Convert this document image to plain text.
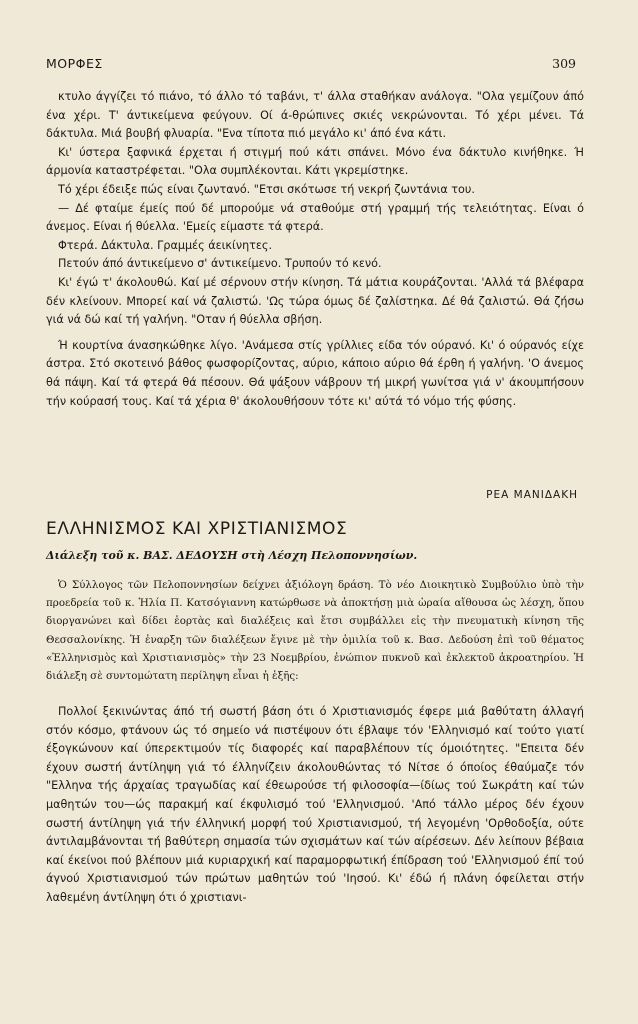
ΜΟΡΦΕΣ	309

κτυλο άγγίζει τό πιάνο, τό άλλο τό ταβάνι, τ' άλλα σταθήκαν ανάλογα. "Ολα γεμίζουν άπό ένα χέρι. Τ' άντικείμενα φεύγουν. Οί ά-θρώπινες σκιές νεκρώνονται. Τό χέρι μένει. Τά δάκτυλα. Μιά βουβή φλυαρία. "Ενα τίποτα πιό μεγάλο κι' άπό ένα κάτι.

Κι' ύστερα ξαφνικά έρχεται ή στιγμή πού κάτι σπάνει. Μόνο ένα δάκτυλο κινήθηκε. Ή άρμονία καταστρέφεται. "Ολα συμπλέκονται. Κάτι γκρεμίστηκε.

Τό χέρι έδειξε πώς είναι ζωντανό. "Ετσι σκότωσε τή νεκρή ζωντάνια του.

— Δέ φταίμε έμείς πού δέ μπορούμε νά σταθούμε στή γραμμή τής τελειότητας. Είναι ό άνεμος. Είναι ή θύελλα. 'Εμείς είμαστε τά φτερά.

Φτερά. Δάκτυλα. Γραμμές άεικίνητες.

Πετούν άπό άντικείμενο σ' άντικείμενο. Τρυπούν τό κενό.

Κι' έγώ τ' άκολουθώ. Καί μέ σέρνουν στήν κίνηση. Τά μάτια κουράζονται. 'Αλλά τά βλέφαρα δέν κλείνουν. Μπορεί καί νά ζαλιστώ. 'Ως τώρα όμως δέ ζαλίστηκα. Δέ θά ζαλιστώ. Θά ζήσω γιά νά δώ καί τή γαλήνη. "Οταν ή θύελλα σβήση.

Ή κουρτίνα άνασηκώθηκε λίγο. 'Ανάμεσα στίς γρίλλιες είδα τόν ούρανό. Κι' ό ούρανός είχε άστρα. Στό σκοτεινό βάθος φωσφορίζοντας, αύριο, κάποιο αύριο θά έρθη ή γαλήνη. 'Ο άνεμος θά πάψη. Καί τά φτερά θά πέσουν. Θά ψάξουν νάβρουν τή μικρή γωνίτσα γιά ν' άκουμπήσουν τήν κούρασή τους. Καί τά χέρια θ' άκολουθήσουν τότε κι' αύτά τό νόμο τής φύσης.

ΡΕΑ ΜΑΝΙΔΑΚΗ
ΕΛΛΗΝΙΣΜΟΣ ΚΑΙ ΧΡΙΣΤΙΑΝΙΣΜΟΣ
Διάλεξη τοῦ κ. ΒΑΣ. ΔΕΔΟΥΣΗ στὴ Λέσχη Πελοποννησίων.

Ὁ Σύλλογος τῶν Πελοποννησίων δείχνει ἀξιόλογη δράση. Τὸ νέο Διοικητικὸ Συμβούλιο ὑπὸ τὴν προεδρεία τοῦ κ. Ἠλία Π. Κατσόγιαννη κατώρθωσε νὰ ἀποκτήσῃ μιὰ ὡραία αἴθουσα ὡς λέσχη, ὅπου διοργανώνει καὶ δίδει ἑορτὰς καὶ διαλέξεις καὶ ἔτσι συμβάλλει εἰς τὴν πνευματικὴ κίνηση τῆς Θεσσαλονίκης. Ἡ ἐναρξη τῶν διαλέξεων ἔγινε μὲ τὴν ὁμιλία τοῦ κ. Βασ. Δεδούση ἐπὶ τοῦ θέματος «Ἑλληνισμὸς καὶ Χριστιανισμὸς» τὴν 23 Νοεμβρίου, ἐνώπιον πυκνοῦ καὶ ἐκλεκτοῦ ἀκροατηρίου. Ἡ διάλεξη σὲ συντομώτατη περίληψη εἶναι ἡ ἑξῆς:

Πολλοί ξεκινώντας άπό τή σωστή βάση ότι ό Χριστιανισμός έφερε μιά βαθύτατη άλλαγή στόν κόσμο, φτάνουν ώς τό σημείο νά πιστέψουν ότι έβλαψε τόν 'Ελληνισμό καί τούτο γιατί έξογκώνουν καί ύπερεκτιμούν τίς διαφορές καί παραβλέπουν τίς όμοιότητες. "Επειτα δέν έχουν σωστή άντίληψη γιά τό έλληνίζειν άκολουθώντας τό Νίτσε ό όποίος έθαύμαζε τόν "Ελληνα τής άρχαίας τραγωδίας καί έθεωρούσε τή φιλοσοφία—ίδίως τού Σωκράτη καί τών μαθητών του—ώς παρακμή καί έκφυλισμό τού 'Ελληνισμού. 'Από τάλλο μέρος δέν έχουν σωστή άντίληψη γιά τήν έλληνική μορφή τού Χριστιανισμού, τή λεγομένη 'Ορθοδοξία, ούτε άντιλαμβάνονται τή βαθύτερη σημασία τών σχισμάτων καί τών αίρέσεων. Δέν λείπουν βέβαια καί έκείνοι πού βλέπουν μιά κυριαρχική καί παραμορφωτική έπίδραση τού 'Ελληνισμού έπί τού άγνού Χριστιανισμού τών πρώτων μαθητών τού 'Ιησού. Κι' έδώ ή πλάνη όφείλεται στήν λαθεμένη άντίληψη ότι ό χριστιανι-
